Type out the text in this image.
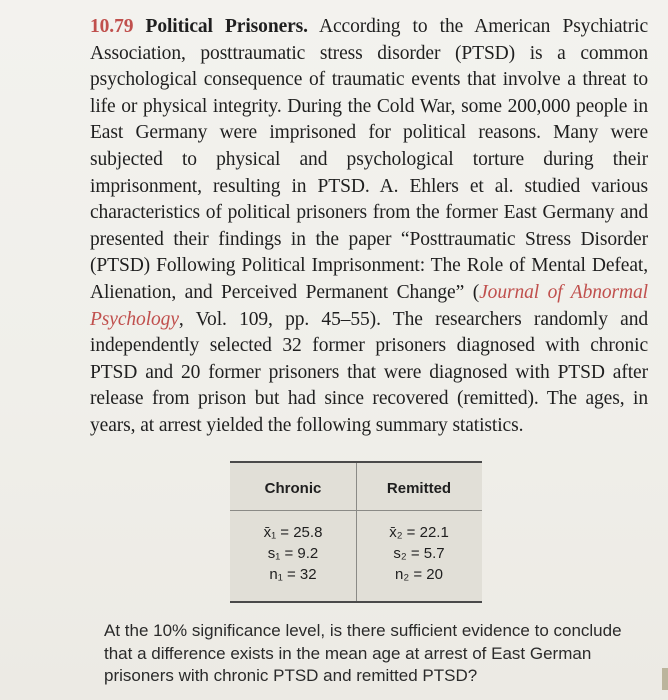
10.79 Political Prisoners. According to the American Psychiatric Association, posttraumatic stress disorder (PTSD) is a common psychological consequence of traumatic events that involve a threat to life or physical integrity. During the Cold War, some 200,000 people in East Germany were imprisoned for political reasons. Many were subjected to physical and psychological torture during their imprisonment, resulting in PTSD. A. Ehlers et al. studied various characteristics of political prisoners from the former East Germany and presented their findings in the paper “Posttraumatic Stress Disorder (PTSD) Following Political Imprisonment: The Role of Mental Defeat, Alienation, and Perceived Permanent Change” (Journal of Abnormal Psychology, Vol. 109, pp. 45–55). The researchers randomly and independently selected 32 former prisoners diagnosed with chronic PTSD and 20 former prisoners that were diagnosed with PTSD after release from prison but had since recovered (remitted). The ages, in years, at arrest yielded the following summary statistics.
Chronic	Remitted
x̄₁ = 25.8
s₁ = 9.2
n₁ = 32
x̄₂ = 22.1
s₂ = 5.7
n₂ = 20
At the 10% significance level, is there sufficient evidence to conclude that a difference exists in the mean age at arrest of East German prisoners with chronic PTSD and remitted PTSD?
